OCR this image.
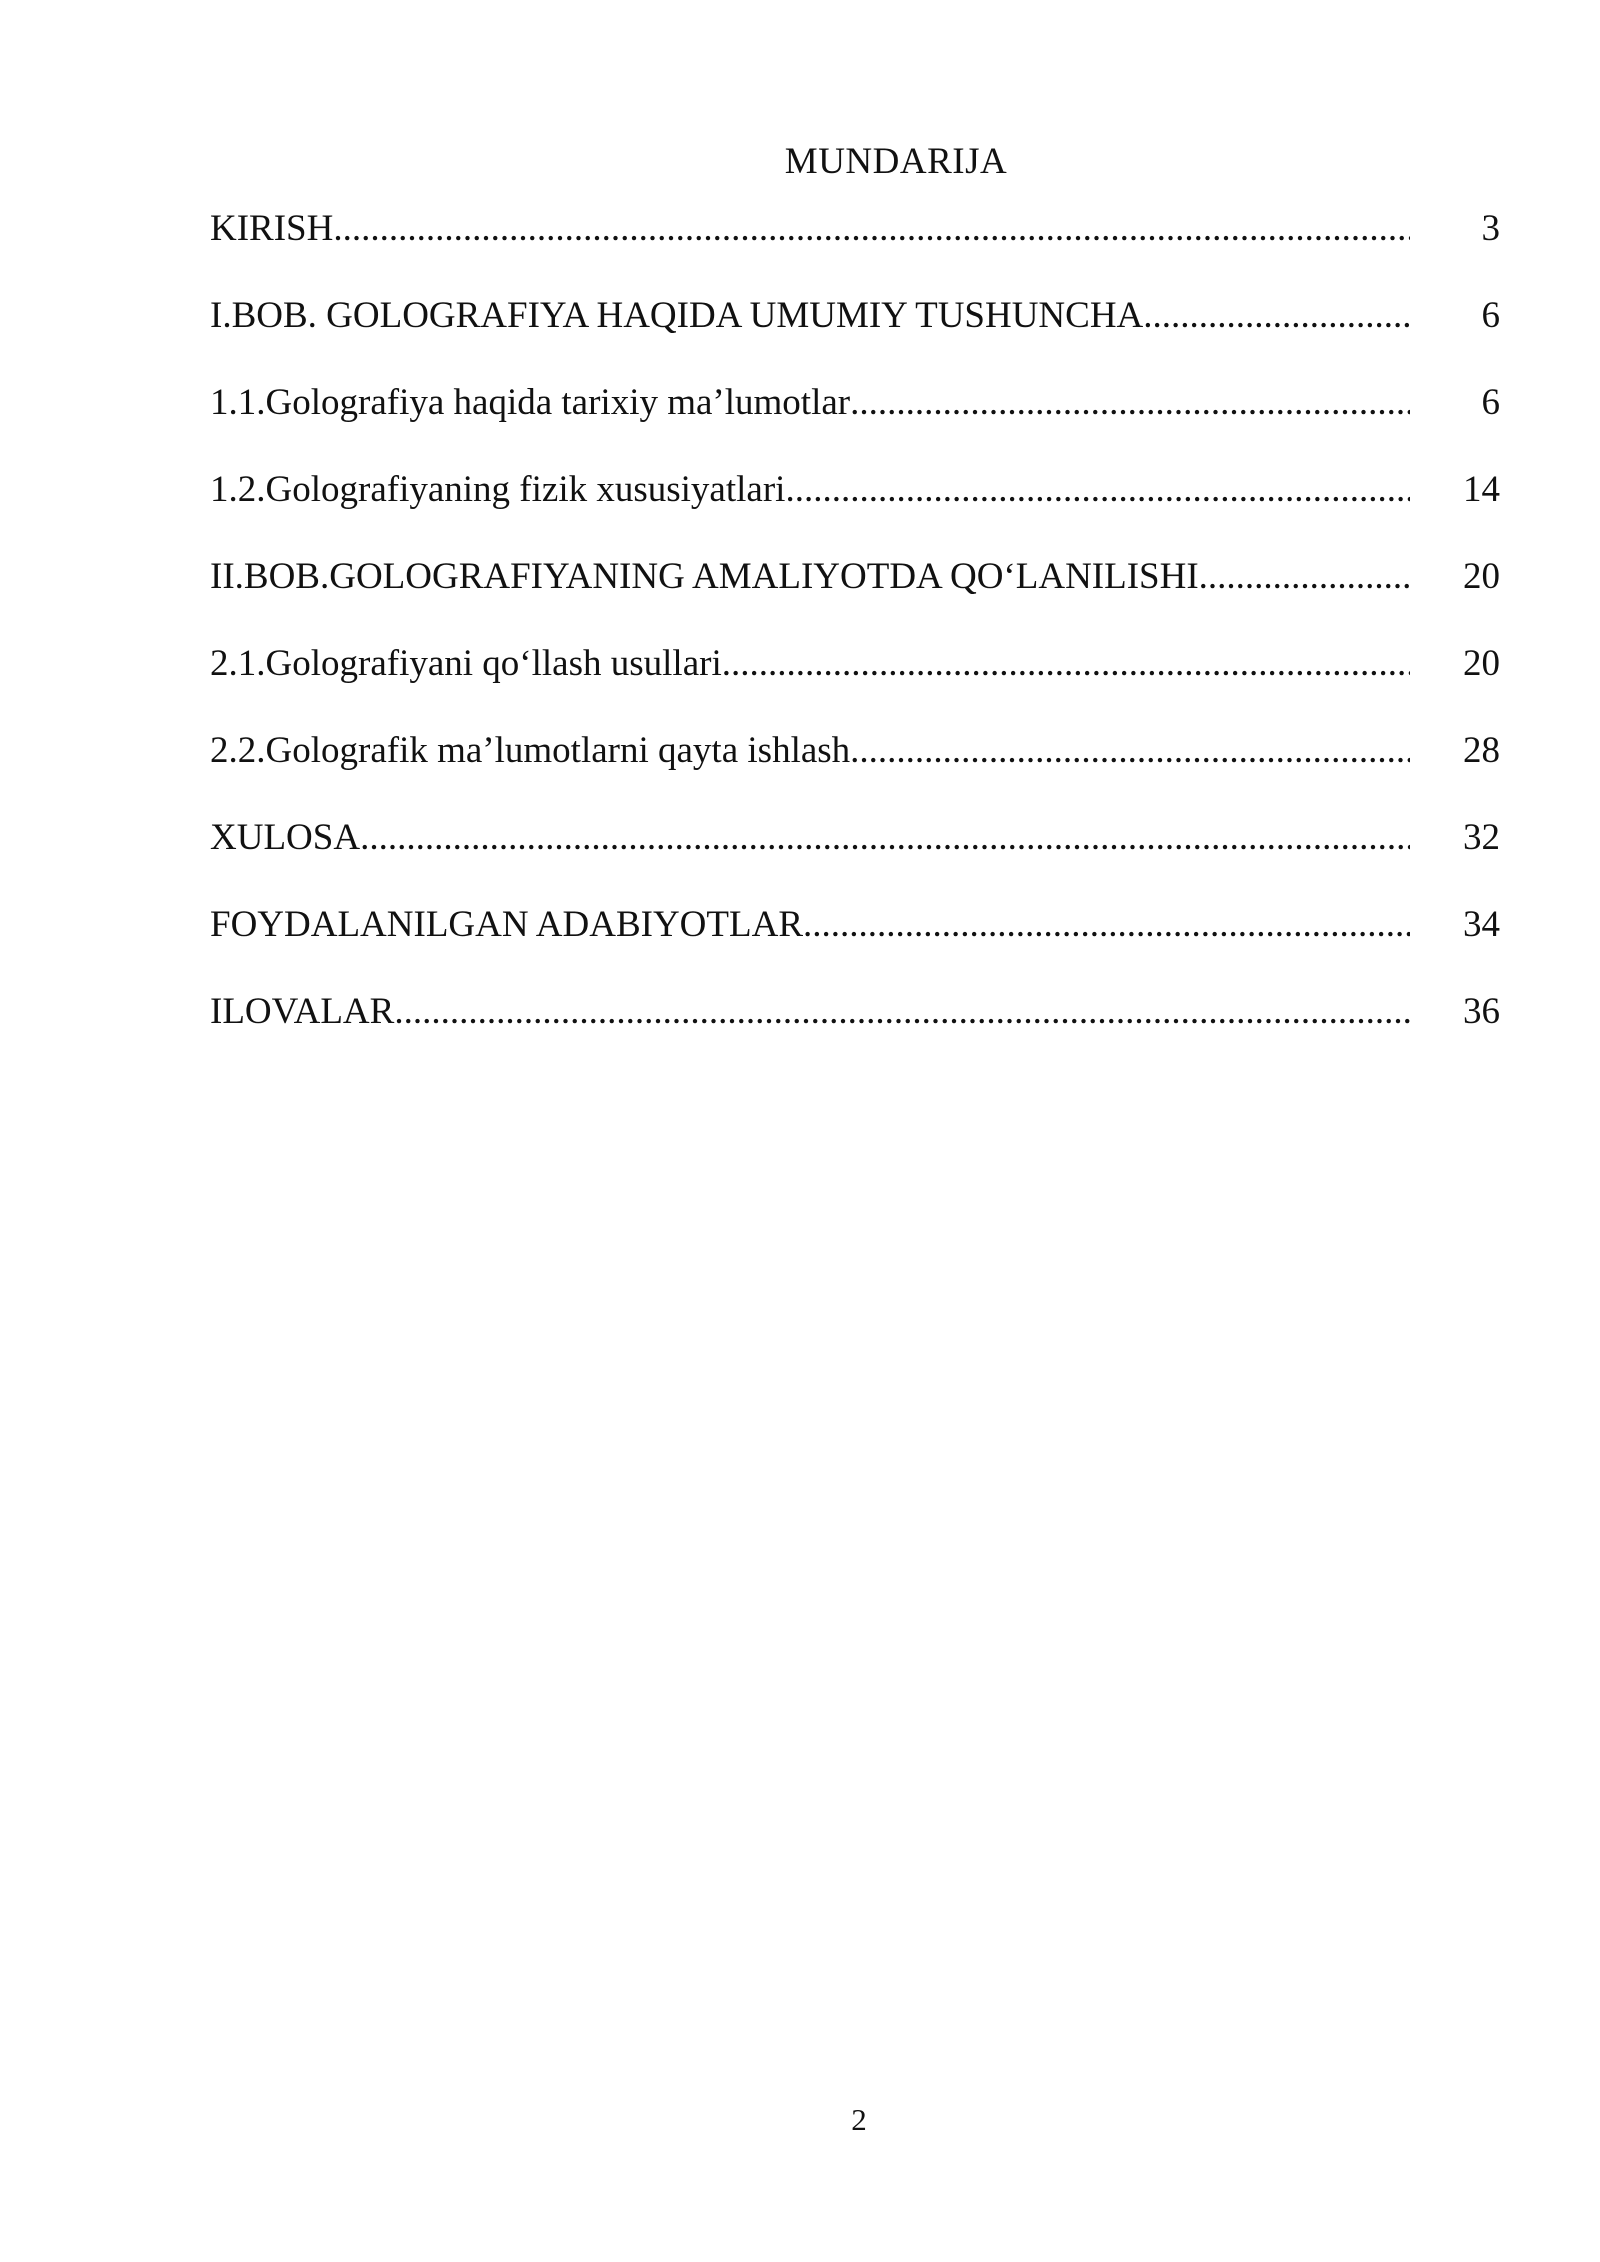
MUNDARIJA
KIRISH .....	3
I.BOB. GOLOGRAFIYA HAQIDA UMUMIY TUSHUNCHA .....	6
1.1.Golografiya haqida tarixiy ma’lumotlar .....	6
1.2.Golografiyaning fizik xususiyatlari .....	14
II.BOB.GOLOGRAFIYANING AMALIYOTDA QO‘LANILISHI .....	20
2.1.Golografiyani qo‘llash usullari .....	20
2.2.Golografik ma’lumotlarni qayta ishlash .....	28
XULOSA .....	32
FOYDALANILGAN ADABIYOTLAR .....	34
ILOVALAR .....	36
2
